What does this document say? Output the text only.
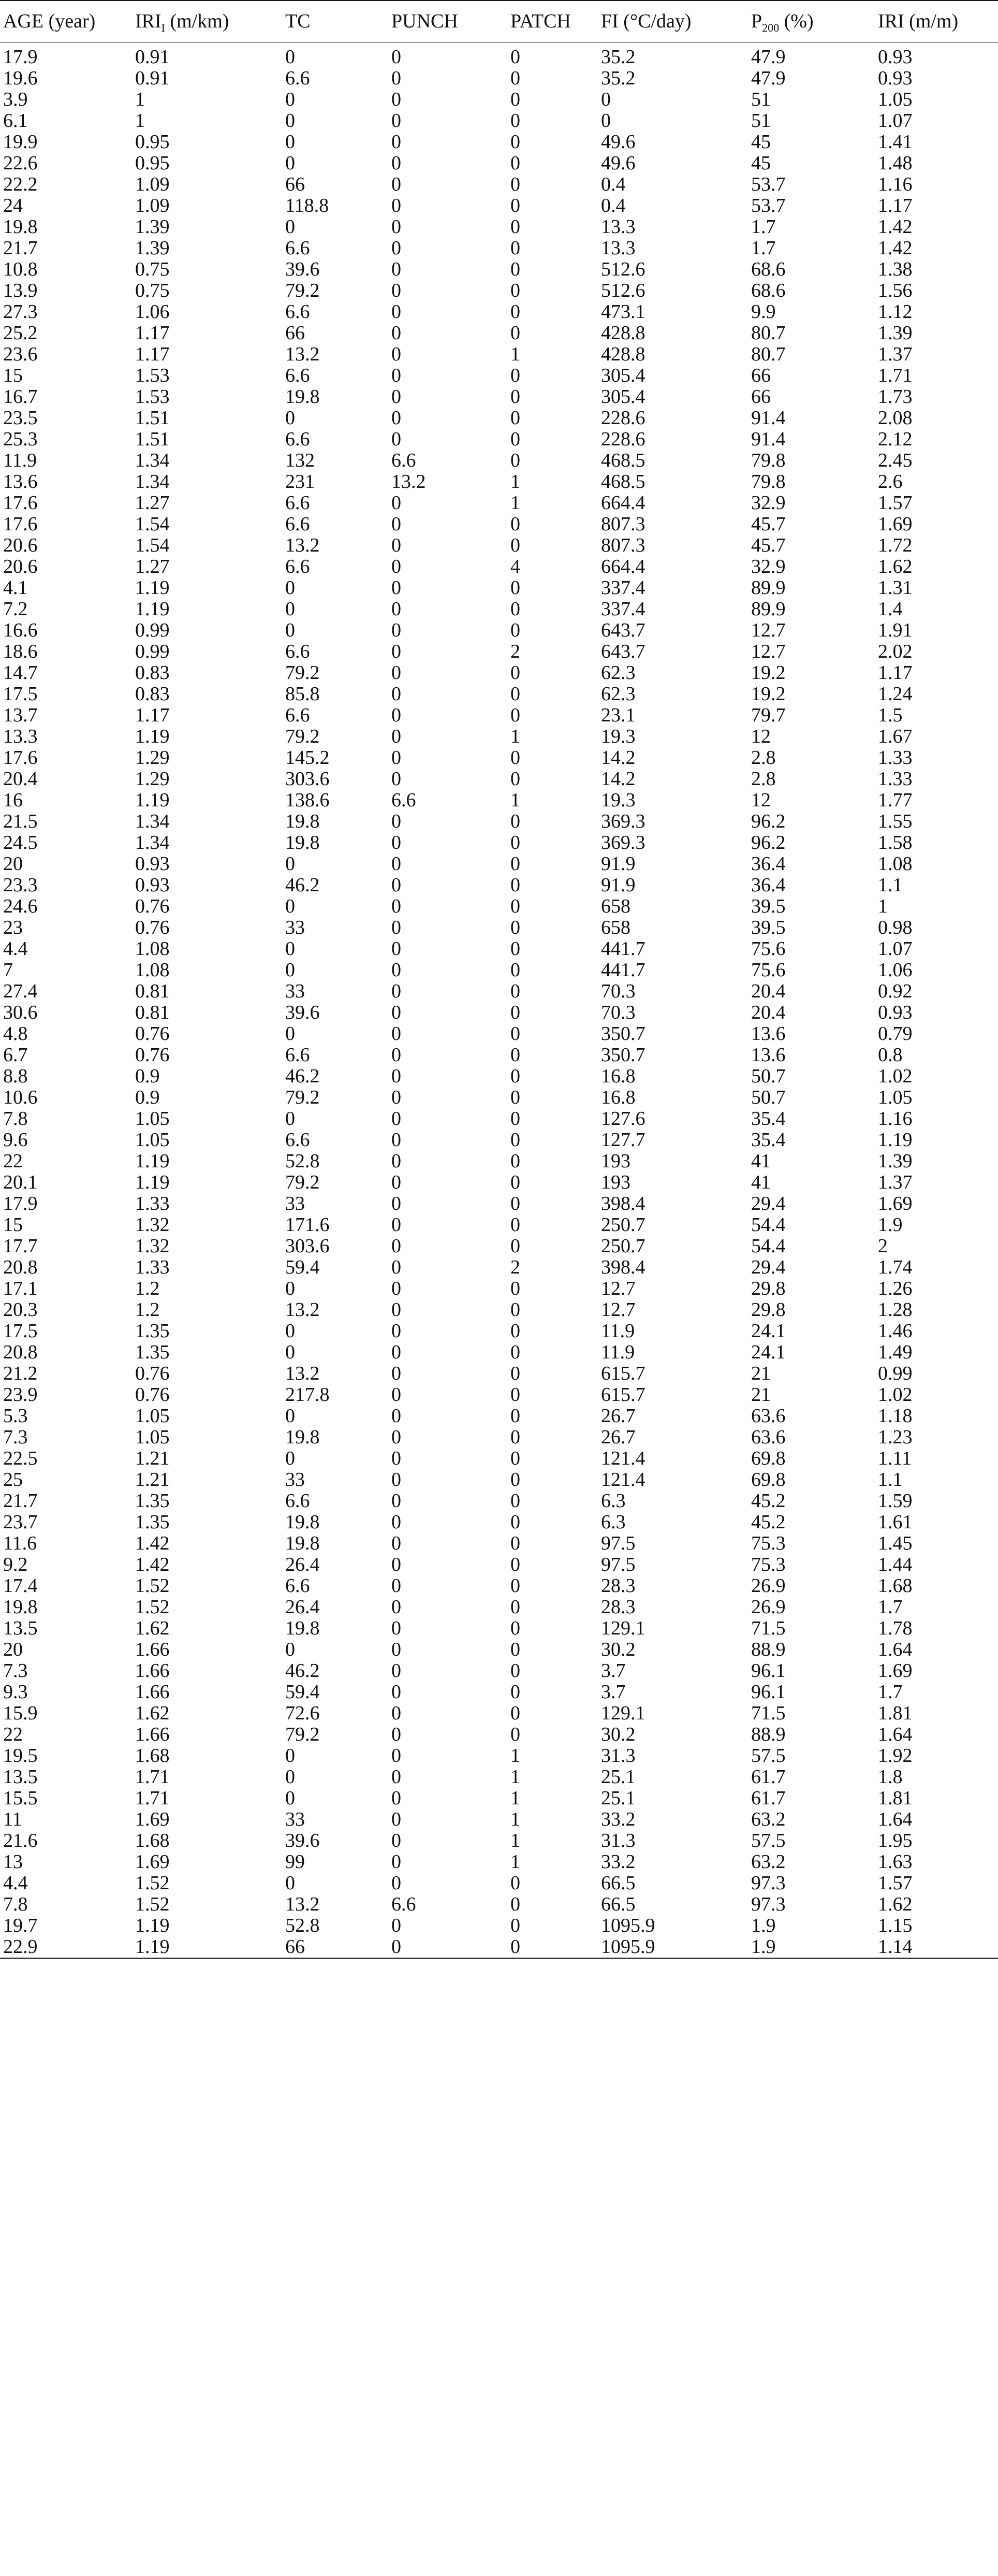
AGE (year)	$IRI_I$ (m/km)	TC	PUNCH	PATCH	FI (°C/day)	$P_{200}$ (%)	IRI (m/m)
17.9	0.91	0	0	0	35.2	47.9	0.93
19.6	0.91	6.6	0	0	35.2	47.9	0.93
3.9	1	0	0	0	0	51	1.05
6.1	1	0	0	0	0	51	1.07
19.9	0.95	0	0	0	49.6	45	1.41
22.6	0.95	0	0	0	49.6	45	1.48
22.2	1.09	66	0	0	0.4	53.7	1.16
24	1.09	118.8	0	0	0.4	53.7	1.17
19.8	1.39	0	0	0	13.3	1.7	1.42
21.7	1.39	6.6	0	0	13.3	1.7	1.42
10.8	0.75	39.6	0	0	512.6	68.6	1.38
13.9	0.75	79.2	0	0	512.6	68.6	1.56
27.3	1.06	6.6	0	0	473.1	9.9	1.12
25.2	1.17	66	0	0	428.8	80.7	1.39
23.6	1.17	13.2	0	1	428.8	80.7	1.37
15	1.53	6.6	0	0	305.4	66	1.71
16.7	1.53	19.8	0	0	305.4	66	1.73
23.5	1.51	0	0	0	228.6	91.4	2.08
25.3	1.51	6.6	0	0	228.6	91.4	2.12
11.9	1.34	132	6.6	0	468.5	79.8	2.45
13.6	1.34	231	13.2	1	468.5	79.8	2.6
17.6	1.27	6.6	0	1	664.4	32.9	1.57
17.6	1.54	6.6	0	0	807.3	45.7	1.69
20.6	1.54	13.2	0	0	807.3	45.7	1.72
20.6	1.27	6.6	0	4	664.4	32.9	1.62
4.1	1.19	0	0	0	337.4	89.9	1.31
7.2	1.19	0	0	0	337.4	89.9	1.4
16.6	0.99	0	0	0	643.7	12.7	1.91
18.6	0.99	6.6	0	2	643.7	12.7	2.02
14.7	0.83	79.2	0	0	62.3	19.2	1.17
17.5	0.83	85.8	0	0	62.3	19.2	1.24
13.7	1.17	6.6	0	0	23.1	79.7	1.5
13.3	1.19	79.2	0	1	19.3	12	1.67
17.6	1.29	145.2	0	0	14.2	2.8	1.33
20.4	1.29	303.6	0	0	14.2	2.8	1.33
16	1.19	138.6	6.6	1	19.3	12	1.77
21.5	1.34	19.8	0	0	369.3	96.2	1.55
24.5	1.34	19.8	0	0	369.3	96.2	1.58
20	0.93	0	0	0	91.9	36.4	1.08
23.3	0.93	46.2	0	0	91.9	36.4	1.1
24.6	0.76	0	0	0	658	39.5	1
23	0.76	33	0	0	658	39.5	0.98
4.4	1.08	0	0	0	441.7	75.6	1.07
7	1.08	0	0	0	441.7	75.6	1.06
27.4	0.81	33	0	0	70.3	20.4	0.92
30.6	0.81	39.6	0	0	70.3	20.4	0.93
4.8	0.76	0	0	0	350.7	13.6	0.79
6.7	0.76	6.6	0	0	350.7	13.6	0.8
8.8	0.9	46.2	0	0	16.8	50.7	1.02
10.6	0.9	79.2	0	0	16.8	50.7	1.05
7.8	1.05	0	0	0	127.6	35.4	1.16
9.6	1.05	6.6	0	0	127.7	35.4	1.19
22	1.19	52.8	0	0	193	41	1.39
20.1	1.19	79.2	0	0	193	41	1.37
17.9	1.33	33	0	0	398.4	29.4	1.69
15	1.32	171.6	0	0	250.7	54.4	1.9
17.7	1.32	303.6	0	0	250.7	54.4	2
20.8	1.33	59.4	0	2	398.4	29.4	1.74
17.1	1.2	0	0	0	12.7	29.8	1.26
20.3	1.2	13.2	0	0	12.7	29.8	1.28
17.5	1.35	0	0	0	11.9	24.1	1.46
20.8	1.35	0	0	0	11.9	24.1	1.49
21.2	0.76	13.2	0	0	615.7	21	0.99
23.9	0.76	217.8	0	0	615.7	21	1.02
5.3	1.05	0	0	0	26.7	63.6	1.18
7.3	1.05	19.8	0	0	26.7	63.6	1.23
22.5	1.21	0	0	0	121.4	69.8	1.11
25	1.21	33	0	0	121.4	69.8	1.1
21.7	1.35	6.6	0	0	6.3	45.2	1.59
23.7	1.35	19.8	0	0	6.3	45.2	1.61
11.6	1.42	19.8	0	0	97.5	75.3	1.45
9.2	1.42	26.4	0	0	97.5	75.3	1.44
17.4	1.52	6.6	0	0	28.3	26.9	1.68
19.8	1.52	26.4	0	0	28.3	26.9	1.7
13.5	1.62	19.8	0	0	129.1	71.5	1.78
20	1.66	0	0	0	30.2	88.9	1.64
7.3	1.66	46.2	0	0	3.7	96.1	1.69
9.3	1.66	59.4	0	0	3.7	96.1	1.7
15.9	1.62	72.6	0	0	129.1	71.5	1.81
22	1.66	79.2	0	0	30.2	88.9	1.64
19.5	1.68	0	0	1	31.3	57.5	1.92
13.5	1.71	0	0	1	25.1	61.7	1.8
15.5	1.71	0	0	1	25.1	61.7	1.81
11	1.69	33	0	1	33.2	63.2	1.64
21.6	1.68	39.6	0	1	31.3	57.5	1.95
13	1.69	99	0	1	33.2	63.2	1.63
4.4	1.52	0	0	0	66.5	97.3	1.57
7.8	1.52	13.2	6.6	0	66.5	97.3	1.62
19.7	1.19	52.8	0	0	1095.9	1.9	1.15
22.9	1.19	66	0	0	1095.9	1.9	1.14
